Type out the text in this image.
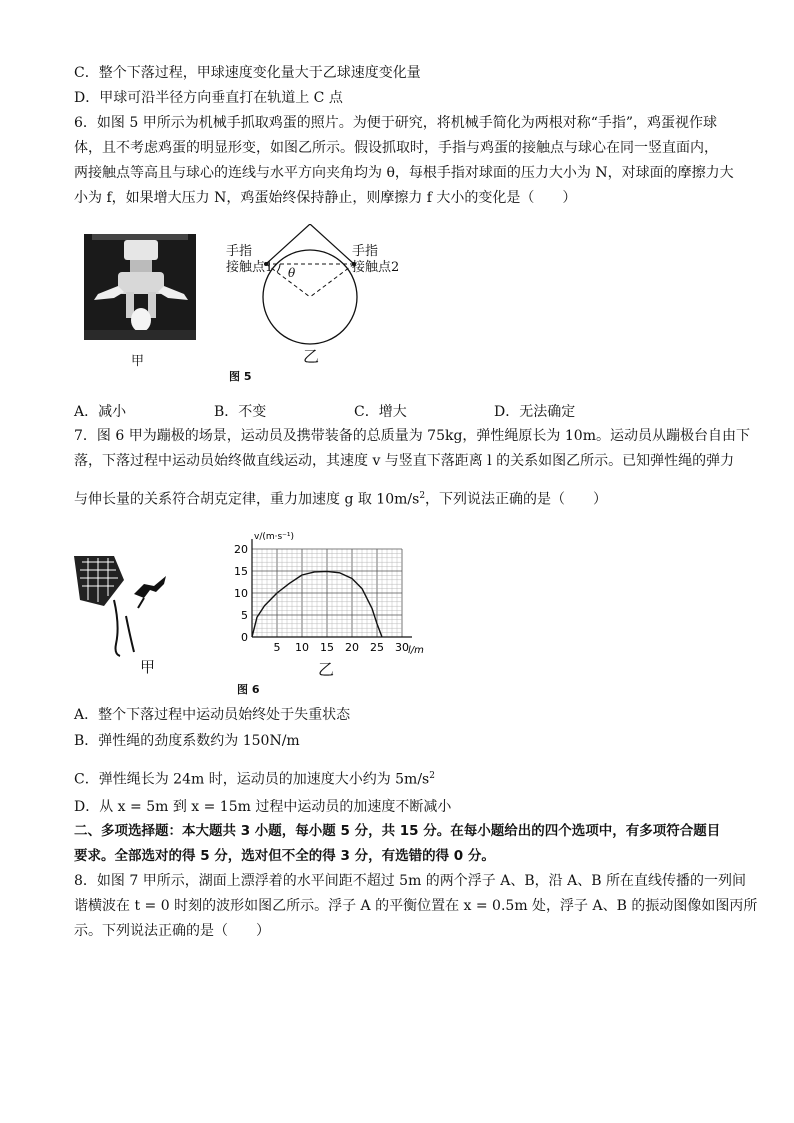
C．整个下落过程，甲球速度变化量大于乙球速度变化量
D．甲球可沿半径方向垂直打在轨道上 C 点
6．如图 5 甲所示为机械手抓取鸡蛋的照片。为便于研究，将机械手简化为两根对称“手指”，鸡蛋视作球
体，且不考虑鸡蛋的明显形变，如图乙所示。假设抓取时，手指与鸡蛋的接触点与球心在同一竖直面内，
两接触点等高且与球心的连线与水平方向夹角均为 θ，每根手指对球面的压力大小为 N，对球面的摩擦力大
小为 f，如果增大压力 N，鸡蛋始终保持静止，则摩擦力 f 大小的变化是（　　）
甲
手指
接触点1
手指
接触点2
θ
乙
图 5
A．减小	B．不变	C．增大	D．无法确定
7．图 6 甲为蹦极的场景，运动员及携带装备的总质量为 75kg，弹性绳原长为 10m。运动员从蹦极台自由下
落，下落过程中运动员始终做直线运动，其速度 v 与竖直下落距离 l 的关系如图乙所示。已知弹性绳的弹力
与伸长量的关系符合胡克定律，重力加速度 g 取 $10m/s^2$，下列说法正确的是（　　）
甲
l/m
v/(m·s⁻¹)
5 10 15 20 25 30
0
5
10
15
20
乙
图 6
A．整个下落过程中运动员始终处于失重状态
B．弹性绳的劲度系数约为 150N/m
C．弹性绳长为 24m 时，运动员的加速度大小约为 $5m/s^2$
D．从 x = 5m 到 x = 15m 过程中运动员的加速度不断减小
二、多项选择题：本大题共 3 小题，每小题 5 分，共 15 分。在每小题给出的四个选项中，有多项符合题目
要求。全部选对的得 5 分，选对但不全的得 3 分，有选错的得 0 分。
8．如图 7 甲所示，湖面上漂浮着的水平间距不超过 5m 的两个浮子 A、B，沿 A、B 所在直线传播的一列间
谐横波在 t = 0 时刻的波形如图乙所示。浮子 A 的平衡位置在 x = 0.5m 处，浮子 A、B 的振动图像如图丙所
示。下列说法正确的是（　　）
